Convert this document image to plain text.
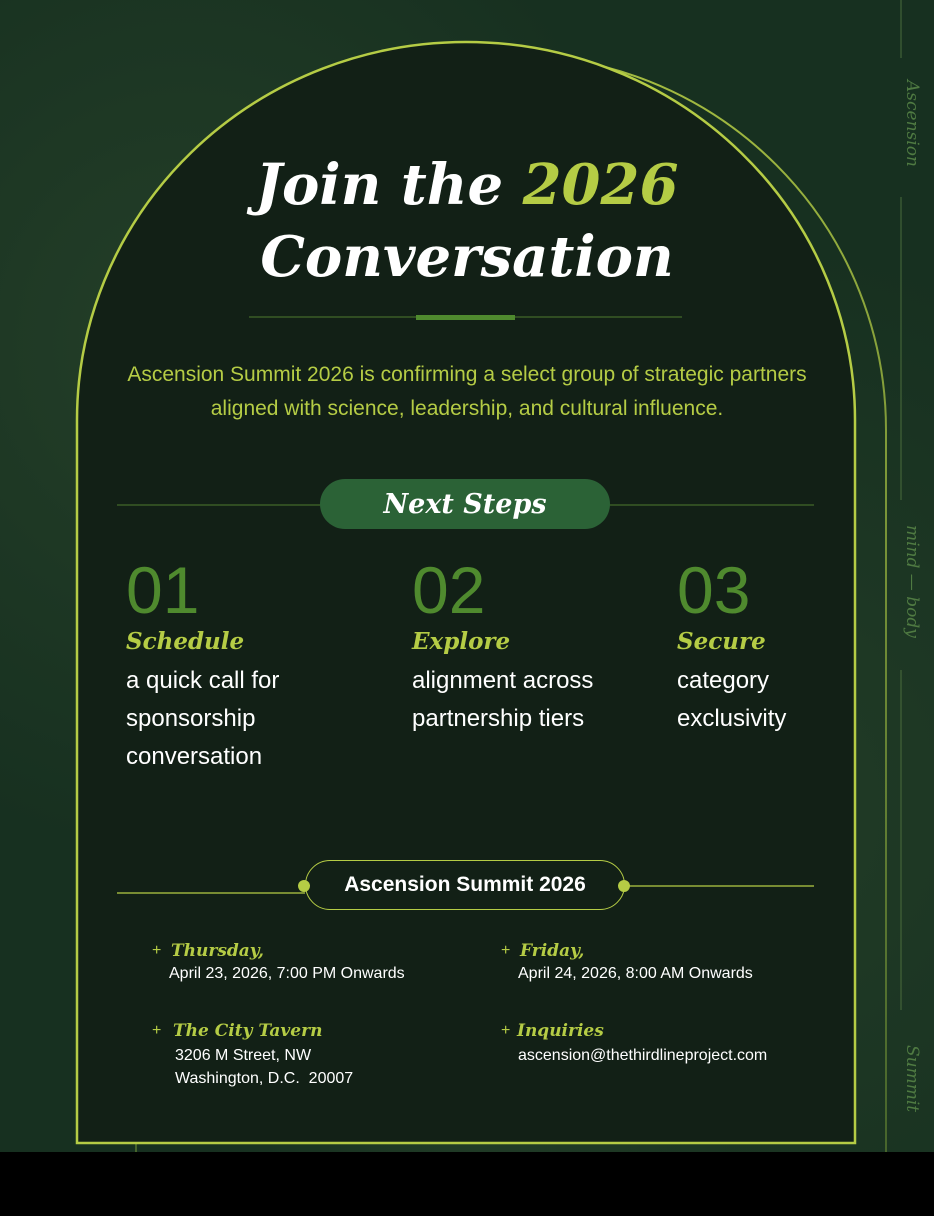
Ascension
mind — body
Summit
Join the 2026
Conversation

Ascension Summit 2026 is confirming a select group of strategic partners aligned with science, leadership, and cultural influence.

Next Steps
01
Schedule
a quick call for sponsorship conversation
02
Explore
alignment across partnership tiers
03
Secure
category exclusivity
Ascension Summit 2026
+ Thursday,
April 23, 2026, 7:00 PM Onwards
+ Friday,
April 24, 2026, 8:00 AM Onwards
+ The City Tavern
3206 M Street, NW
Washington, D.C.  20007
+ Inquiries
ascension@thethirdlineproject.com
